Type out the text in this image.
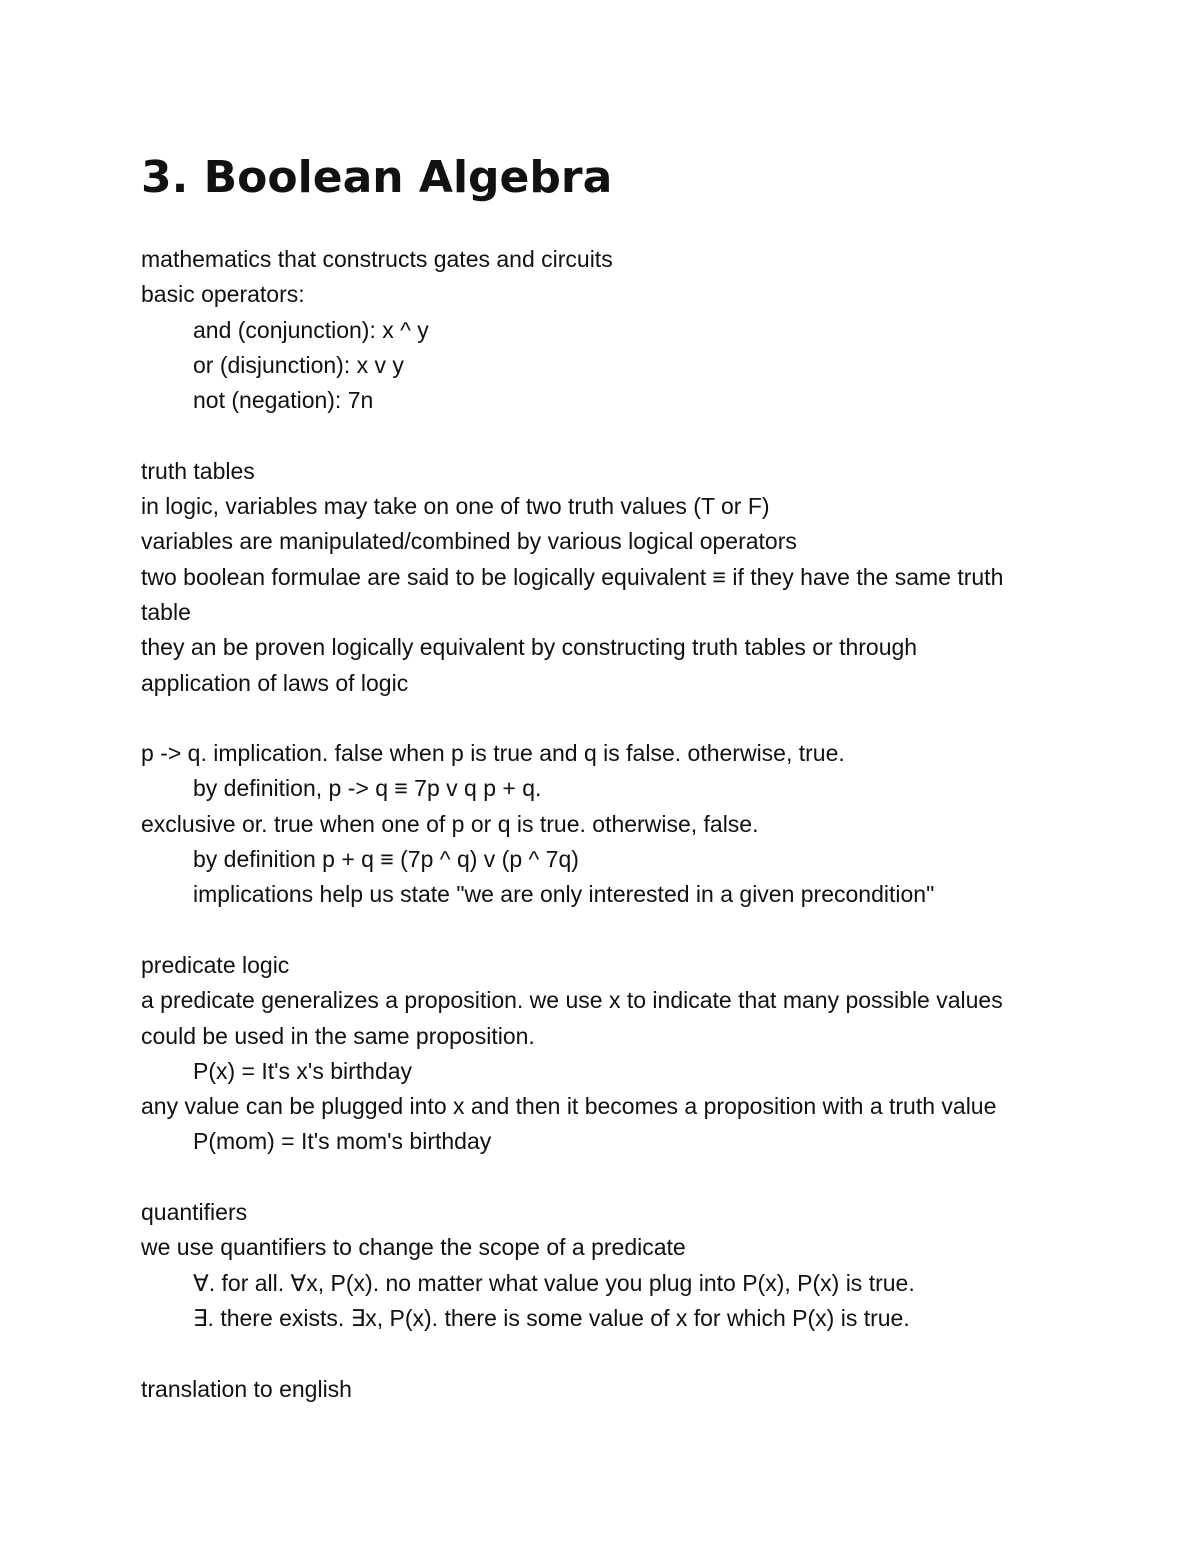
3. Boolean Algebra
mathematics that constructs gates and circuits
basic operators:
and (conjunction): x ^ y
or (disjunction): x v y
not (negation): 7n
truth tables
in logic, variables may take on one of two truth values (T or F)
variables are manipulated/combined by various logical operators
two boolean formulae are said to be logically equivalent ≡ if they have the same truth table
they an be proven logically equivalent by constructing truth tables or through application of laws of logic
p -> q. implication. false when p is true and q is false. otherwise, true.
by definition, p -> q ≡ 7p v q p + q.
exclusive or. true when one of p or q is true. otherwise, false.
by definition p + q ≡ (7p ^ q) v (p ^ 7q)
implications help us state "we are only interested in a given precondition"
predicate logic
a predicate generalizes a proposition. we use x to indicate that many possible values could be used in the same proposition.
P(x) = It's x's birthday
any value can be plugged into x and then it becomes a proposition with a truth value
P(mom) = It's mom's birthday
quantifiers
we use quantifiers to change the scope of a predicate
∀. for all. ∀x, P(x). no matter what value you plug into P(x), P(x) is true.
∃. there exists. ∃x, P(x). there is some value of x for which P(x) is true.
translation to english
